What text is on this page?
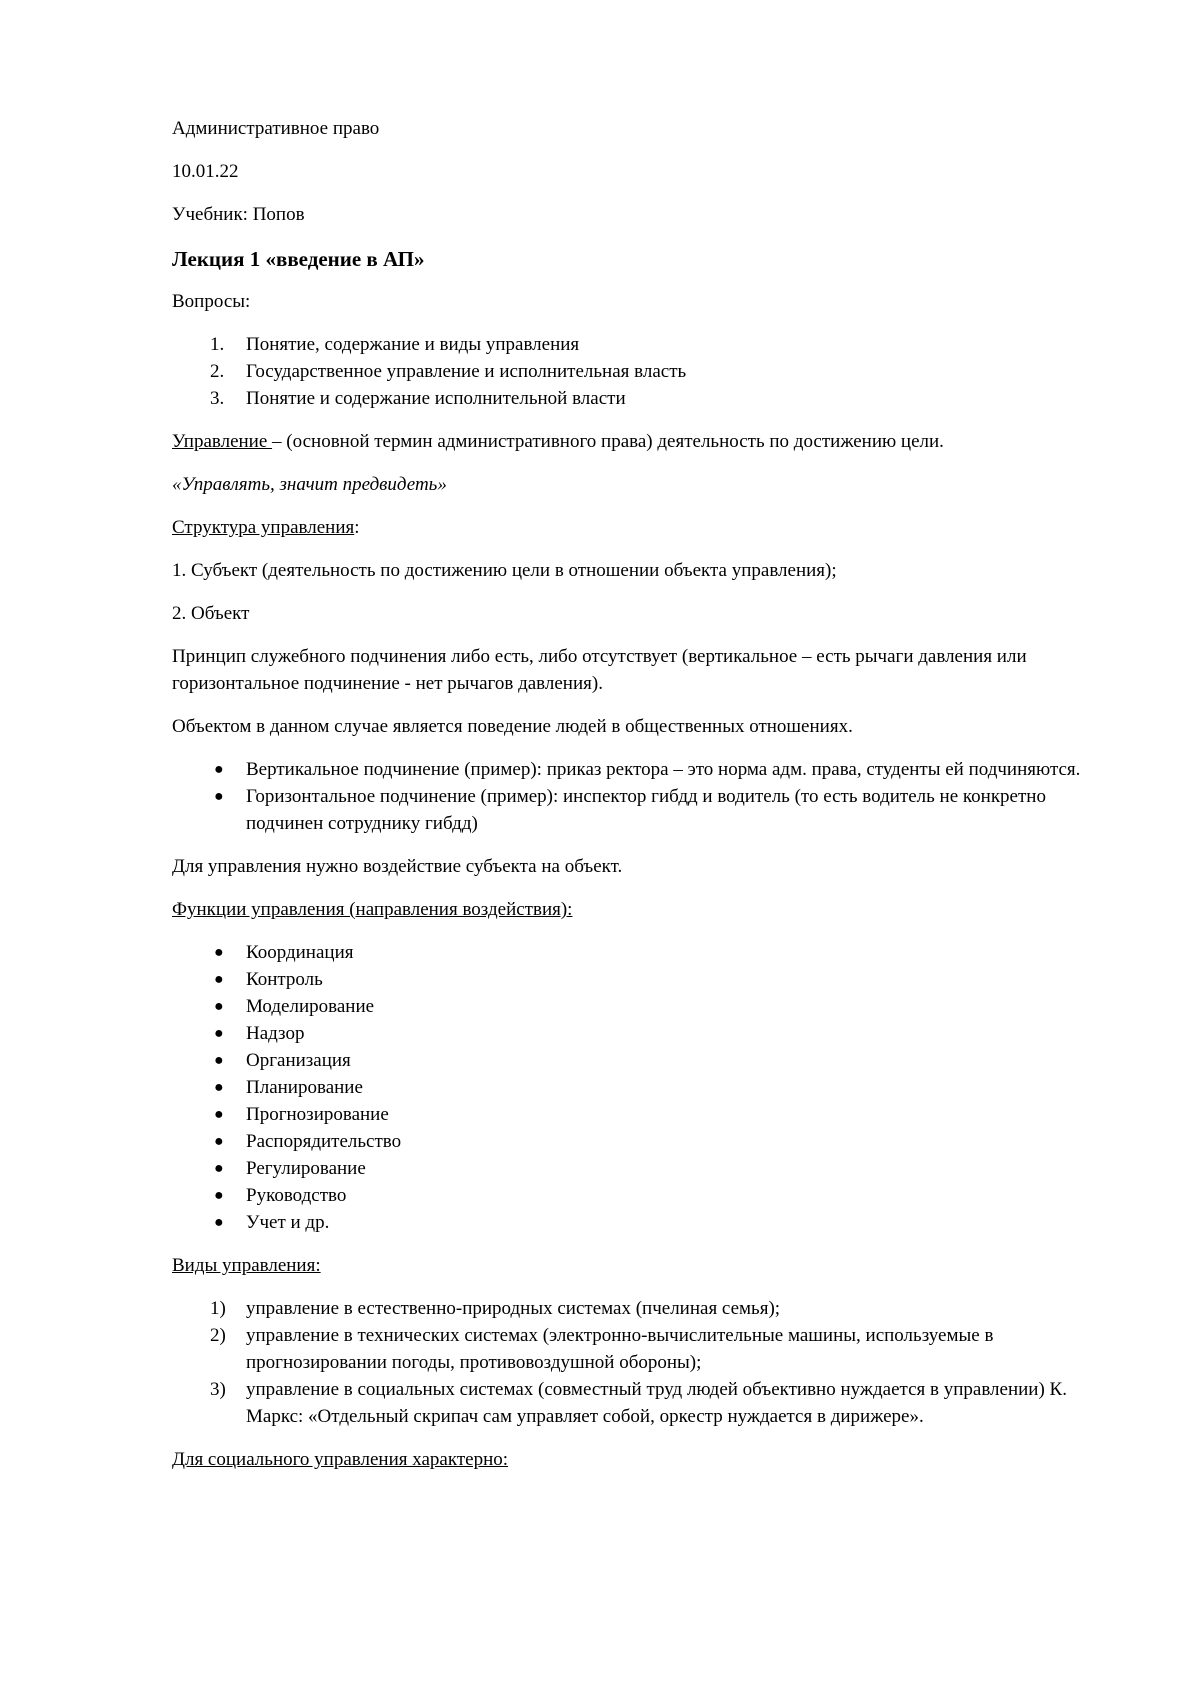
Административное право

10.01.22

Учебник: Попов

Лекция 1 «введение в АП»

Вопросы:

1. Понятие, содержание и виды управления
2. Государственное управление и исполнительная власть
3. Понятие и содержание исполнительной власти

Управление – (основной термин административного права) деятельность по достижению цели.

«Управлять, значит предвидеть»

Структура управления:

1. Субъект (деятельность по достижению цели в отношении объекта управления);

2. Объект

Принцип служебного подчинения либо есть, либо отсутствует (вертикальное – есть рычаги давления или горизонтальное подчинение - нет рычагов давления).

Объектом в данном случае является поведение людей в общественных отношениях.

● Вертикальное подчинение (пример): приказ ректора – это норма адм. права, студенты ей подчиняются.
● Горизонтальное подчинение (пример): инспектор гибдд и водитель (то есть водитель не конкретно подчинен сотруднику гибдд)

Для управления нужно воздействие субъекта на объект.

Функции управления (направления воздействия):

● Координация
● Контроль
● Моделирование
● Надзор
● Организация
● Планирование
● Прогнозирование
● Распорядительство
● Регулирование
● Руководство
● Учет и др.

Виды управления:

1) управление в естественно-природных системах (пчелиная семья);
2) управление в технических системах (электронно-вычислительные машины, используемые в прогнозировании погоды, противовоздушной обороны);
3) управление в социальных системах (совместный труд людей объективно нуждается в управлении) К. Маркс: «Отдельный скрипач сам управляет собой, оркестр нуждается в дирижере».

Для социального управления характерно:
